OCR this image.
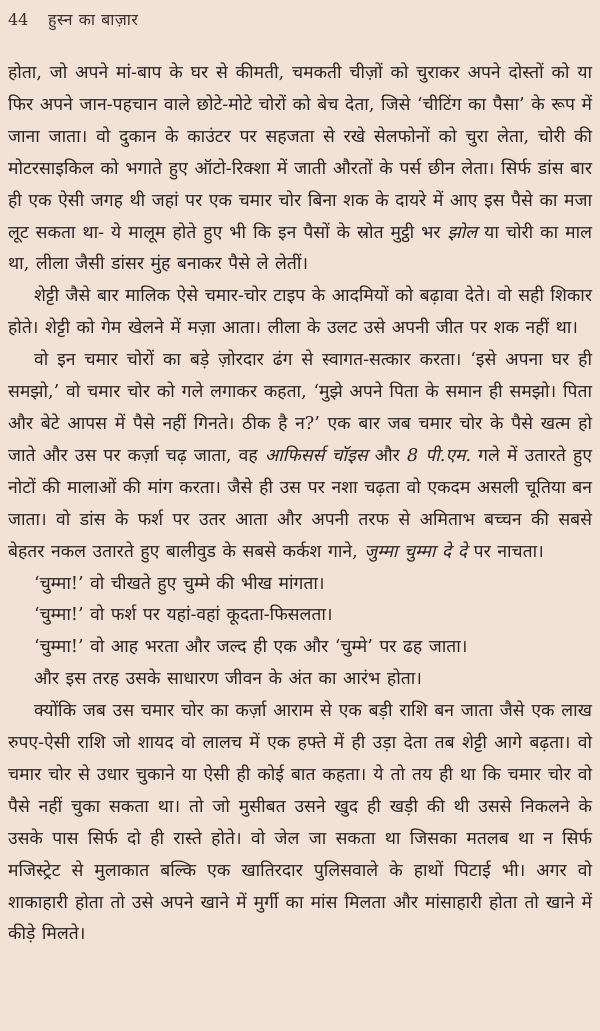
44	हुस्न का बाज़ार

होता, जो अपने मां-बाप के घर से कीमती, चमकती चीज़ों को चुराकर अपने दोस्तों को या फिर अपने जान-पहचान वाले छोटे-मोटे चोरों को बेच देता, जिसे ‘चीटिंग का पैसा’ के रूप में जाना जाता। वो दुकान के काउंटर पर सहजता से रखे सेलफोनों को चुरा लेता, चोरी की मोटरसाइकिल को भगाते हुए ऑटो-रिक्शा में जाती औरतों के पर्स छीन लेता। सिर्फ डांस बार ही एक ऐसी जगह थी जहां पर एक चमार चोर बिना शक के दायरे में आए इस पैसे का मजा लूट सकता था- ये मालूम होते हुए भी कि इन पैसों के स्रोत मुट्ठी भर झोल या चोरी का माल था, लीला जैसी डांसर मुंह बनाकर पैसे ले लेतीं।

शेट्टी जैसे बार मालिक ऐसे चमार-चोर टाइप के आदमियों को बढ़ावा देते। वो सही शिकार होते। शेट्टी को गेम खेलने में मज़ा आता। लीला के उलट उसे अपनी जीत पर शक नहीं था।

वो इन चमार चोरों का बड़े ज़ोरदार ढंग से स्वागत-सत्कार करता। ‘इसे अपना घर ही समझो,’ वो चमार चोर को गले लगाकर कहता, ‘मुझे अपने पिता के समान ही समझो। पिता और बेटे आपस में पैसे नहीं गिनते। ठीक है न?’ एक बार जब चमार चोर के पैसे खत्म हो जाते और उस पर कर्ज़ा चढ़ जाता, वह आफिसर्स चॉइस और 8 पी.एम. गले में उतारते हुए नोटों की मालाओं की मांग करता। जैसे ही उस पर नशा चढ़ता वो एकदम असली चूतिया बन जाता। वो डांस के फर्श पर उतर आता और अपनी तरफ से अमिताभ बच्चन की सबसे बेहतर नकल उतारते हुए बालीवुड के सबसे कर्कश गाने, जुम्मा चुम्मा दे दे पर नाचता।

‘चुम्मा!’ वो चीखते हुए चुम्मे की भीख मांगता।

‘चुम्मा!’ वो फर्श पर यहां-वहां कूदता-फिसलता।

‘चुम्मा!’ वो आह भरता और जल्द ही एक और ‘चुम्मे’ पर ढह जाता।

और इस तरह उसके साधारण जीवन के अंत का आरंभ होता।

क्योंकि जब उस चमार चोर का कर्ज़ा आराम से एक बड़ी राशि बन जाता जैसे एक लाख रुपए-ऐसी राशि जो शायद वो लालच में एक हफ्ते में ही उड़ा देता तब शेट्टी आगे बढ़ता। वो चमार चोर से उधार चुकाने या ऐसी ही कोई बात कहता। ये तो तय ही था कि चमार चोर वो पैसे नहीं चुका सकता था। तो जो मुसीबत उसने खुद ही खड़ी की थी उससे निकलने के उसके पास सिर्फ दो ही रास्ते होते। वो जेल जा सकता था जिसका मतलब था न सिर्फ मजिस्ट्रेट से मुलाकात बल्कि एक खातिरदार पुलिसवाले के हाथों पिटाई भी। अगर वो शाकाहारी होता तो उसे अपने खाने में मुर्गी का मांस मिलता और मांसाहारी होता तो खाने में कीड़े मिलते।
